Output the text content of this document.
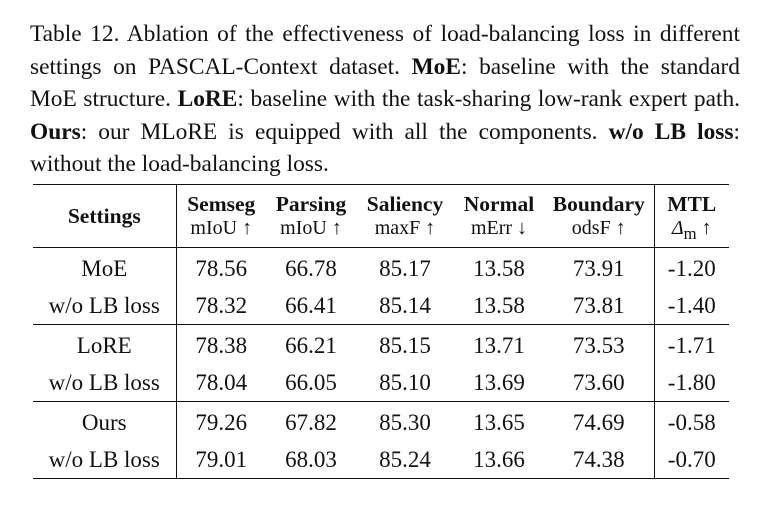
Table 12. Ablation of the effectiveness of load-balancing loss in different settings on PASCAL-Context dataset. MoE: baseline with the standard MoE structure. LoRE: baseline with the task-sharing low-rank expert path. Ours: our MLoRE is equipped with all the components. w/o LB loss: without the load-balancing loss.
Settings	Semseg	Parsing	Saliency	Normal	Boundary	MTL
	mIoU ↑	mIoU ↑	maxF ↑	mErr ↓	odsF ↑	$\Delta_m$ ↑
MoE	78.56	66.78	85.17	13.58	73.91	-1.20
w/o LB loss	78.32	66.41	85.14	13.58	73.81	-1.40
LoRE	78.38	66.21	85.15	13.71	73.53	-1.71
w/o LB loss	78.04	66.05	85.10	13.69	73.60	-1.80
Ours	79.26	67.82	85.30	13.65	74.69	-0.58
w/o LB loss	79.01	68.03	85.24	13.66	74.38	-0.70
